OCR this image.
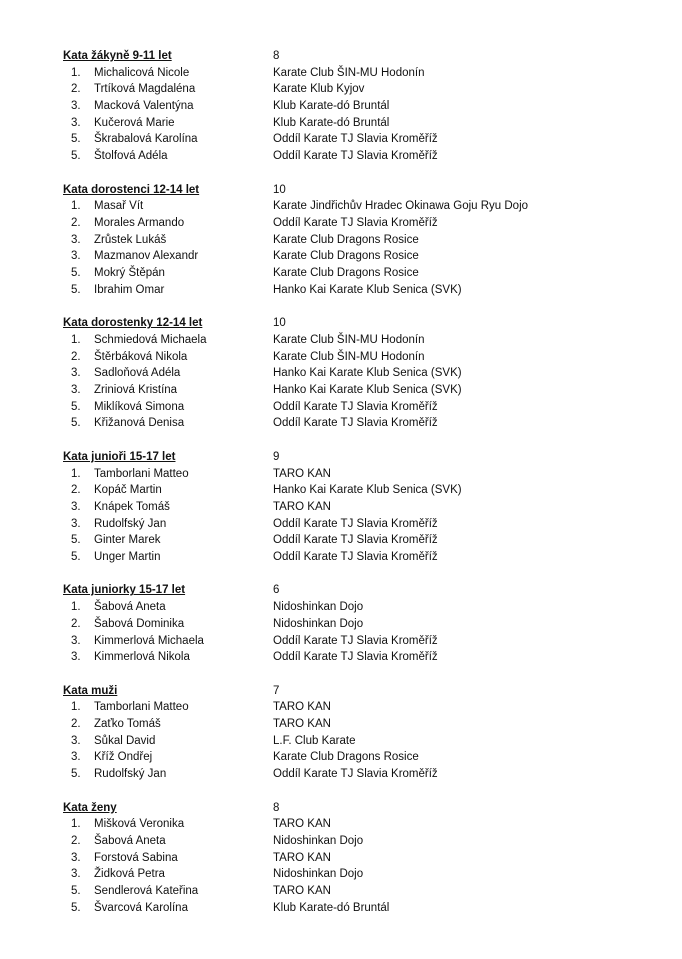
Kata žákyně 9-11 let	8
1. Michalicová Nicole	Karate Club ŠIN-MU Hodonín
2. Trtíková Magdaléna	Karate Klub Kyjov
3. Macková Valentýna	Klub Karate-dó Bruntál
3. Kučerová Marie	Klub Karate-dó Bruntál
5. Škrabalová Karolína	Oddíl Karate TJ Slavia Kroměříž
5. Štolfová Adéla	Oddíl Karate TJ Slavia Kroměříž
Kata dorostenci 12-14 let	10
1. Masař Vít	Karate Jindřichův Hradec Okinawa Goju Ryu Dojo
2. Morales Armando	Oddíl Karate TJ Slavia Kroměříž
3. Zrůstek Lukáš	Karate Club Dragons Rosice
3. Mazmanov Alexandr	Karate Club Dragons Rosice
5. Mokrý Štěpán	Karate Club Dragons Rosice
5. Ibrahim Omar	Hanko Kai Karate Klub Senica (SVK)
Kata dorostenky 12-14 let	10
1. Schmiedová Michaela	Karate Club ŠIN-MU Hodonín
2. Štěrbáková Nikola	Karate Club ŠIN-MU Hodonín
3. Sadloňová Adéla	Hanko Kai Karate Klub Senica (SVK)
3. Zriniová Kristína	Hanko Kai Karate Klub Senica (SVK)
5. Miklíková Simona	Oddíl Karate TJ Slavia Kroměříž
5. Křižanová Denisa	Oddíl Karate TJ Slavia Kroměříž
Kata junioři 15-17 let	9
1. Tamborlani Matteo	TARO KAN
2. Kopáč Martin	Hanko Kai Karate Klub Senica (SVK)
3. Knápek Tomáš	TARO KAN
3. Rudolfský Jan	Oddíl Karate TJ Slavia Kroměříž
5. Ginter Marek	Oddíl Karate TJ Slavia Kroměříž
5. Unger Martin	Oddíl Karate TJ Slavia Kroměříž
Kata juniorky 15-17 let	6
1. Šabová Aneta	Nidoshinkan Dojo
2. Šabová Dominika	Nidoshinkan Dojo
3. Kimmerlová Michaela	Oddíl Karate TJ Slavia Kroměříž
3. Kimmerlová Nikola	Oddíl Karate TJ Slavia Kroměříž
Kata muži	7
1. Tamborlani Matteo	TARO KAN
2. Zaťko Tomáš	TARO KAN
3. Sůkal David	L.F. Club Karate
3. Kříž Ondřej	Karate Club Dragons Rosice
5. Rudolfský Jan	Oddíl Karate TJ Slavia Kroměříž
Kata ženy	8
1. Mišková Veronika	TARO KAN
2. Šabová Aneta	Nidoshinkan Dojo
3. Forstová Sabina	TARO KAN
3. Židková Petra	Nidoshinkan Dojo
5. Sendlerová Kateřina	TARO KAN
5. Švarcová Karolína	Klub Karate-dó Bruntál
